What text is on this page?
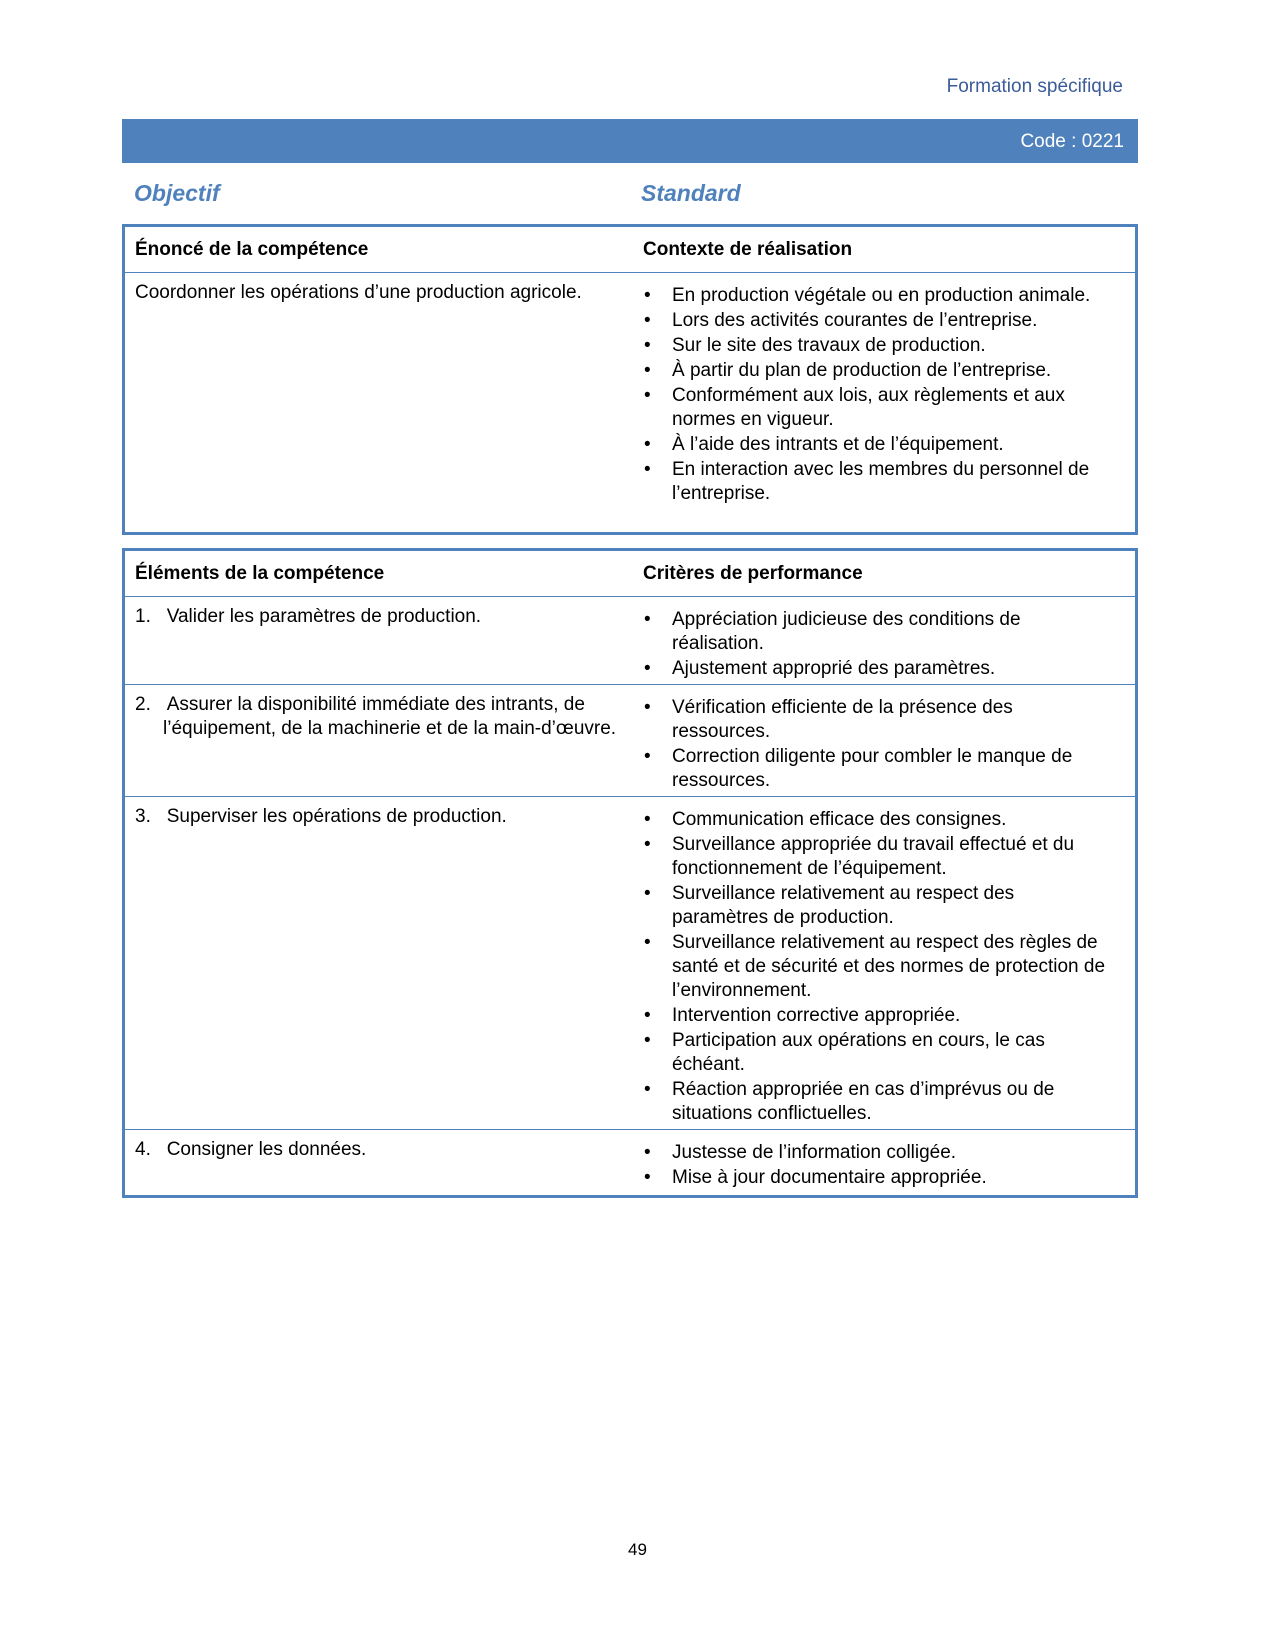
Formation spécifique
Code : 0221
Objectif	Standard
Énoncé de la compétence	Contexte de réalisation
Coordonner les opérations d’une production agricole.	• En production végétale ou en production animale.
• Lors des activités courantes de l’entreprise.
• Sur le site des travaux de production.
• À partir du plan de production de l’entreprise.
• Conformément aux lois, aux règlements et aux normes en vigueur.
• À l’aide des intrants et de l’équipement.
• En interaction avec les membres du personnel de l’entreprise.
Éléments de la compétence	Critères de performance
1. Valider les paramètres de production.	• Appréciation judicieuse des conditions de réalisation.
• Ajustement approprié des paramètres.
2. Assurer la disponibilité immédiate des intrants, de l’équipement, de la machinerie et de la main-d’œuvre.
• Vérification efficiente de la présence des ressources.
• Correction diligente pour combler le manque de ressources.
3. Superviser les opérations de production.	• Communication efficace des consignes.
• Surveillance appropriée du travail effectué et du fonctionnement de l’équipement.
• Surveillance relativement au respect des paramètres de production.
• Surveillance relativement au respect des règles de santé et de sécurité et des normes de protection de l’environnement.
• Intervention corrective appropriée.
• Participation aux opérations en cours, le cas échéant.
• Réaction appropriée en cas d’imprévus ou de situations conflictuelles.
4. Consigner les données.	• Justesse de l’information colligée.
• Mise à jour documentaire appropriée.
49
